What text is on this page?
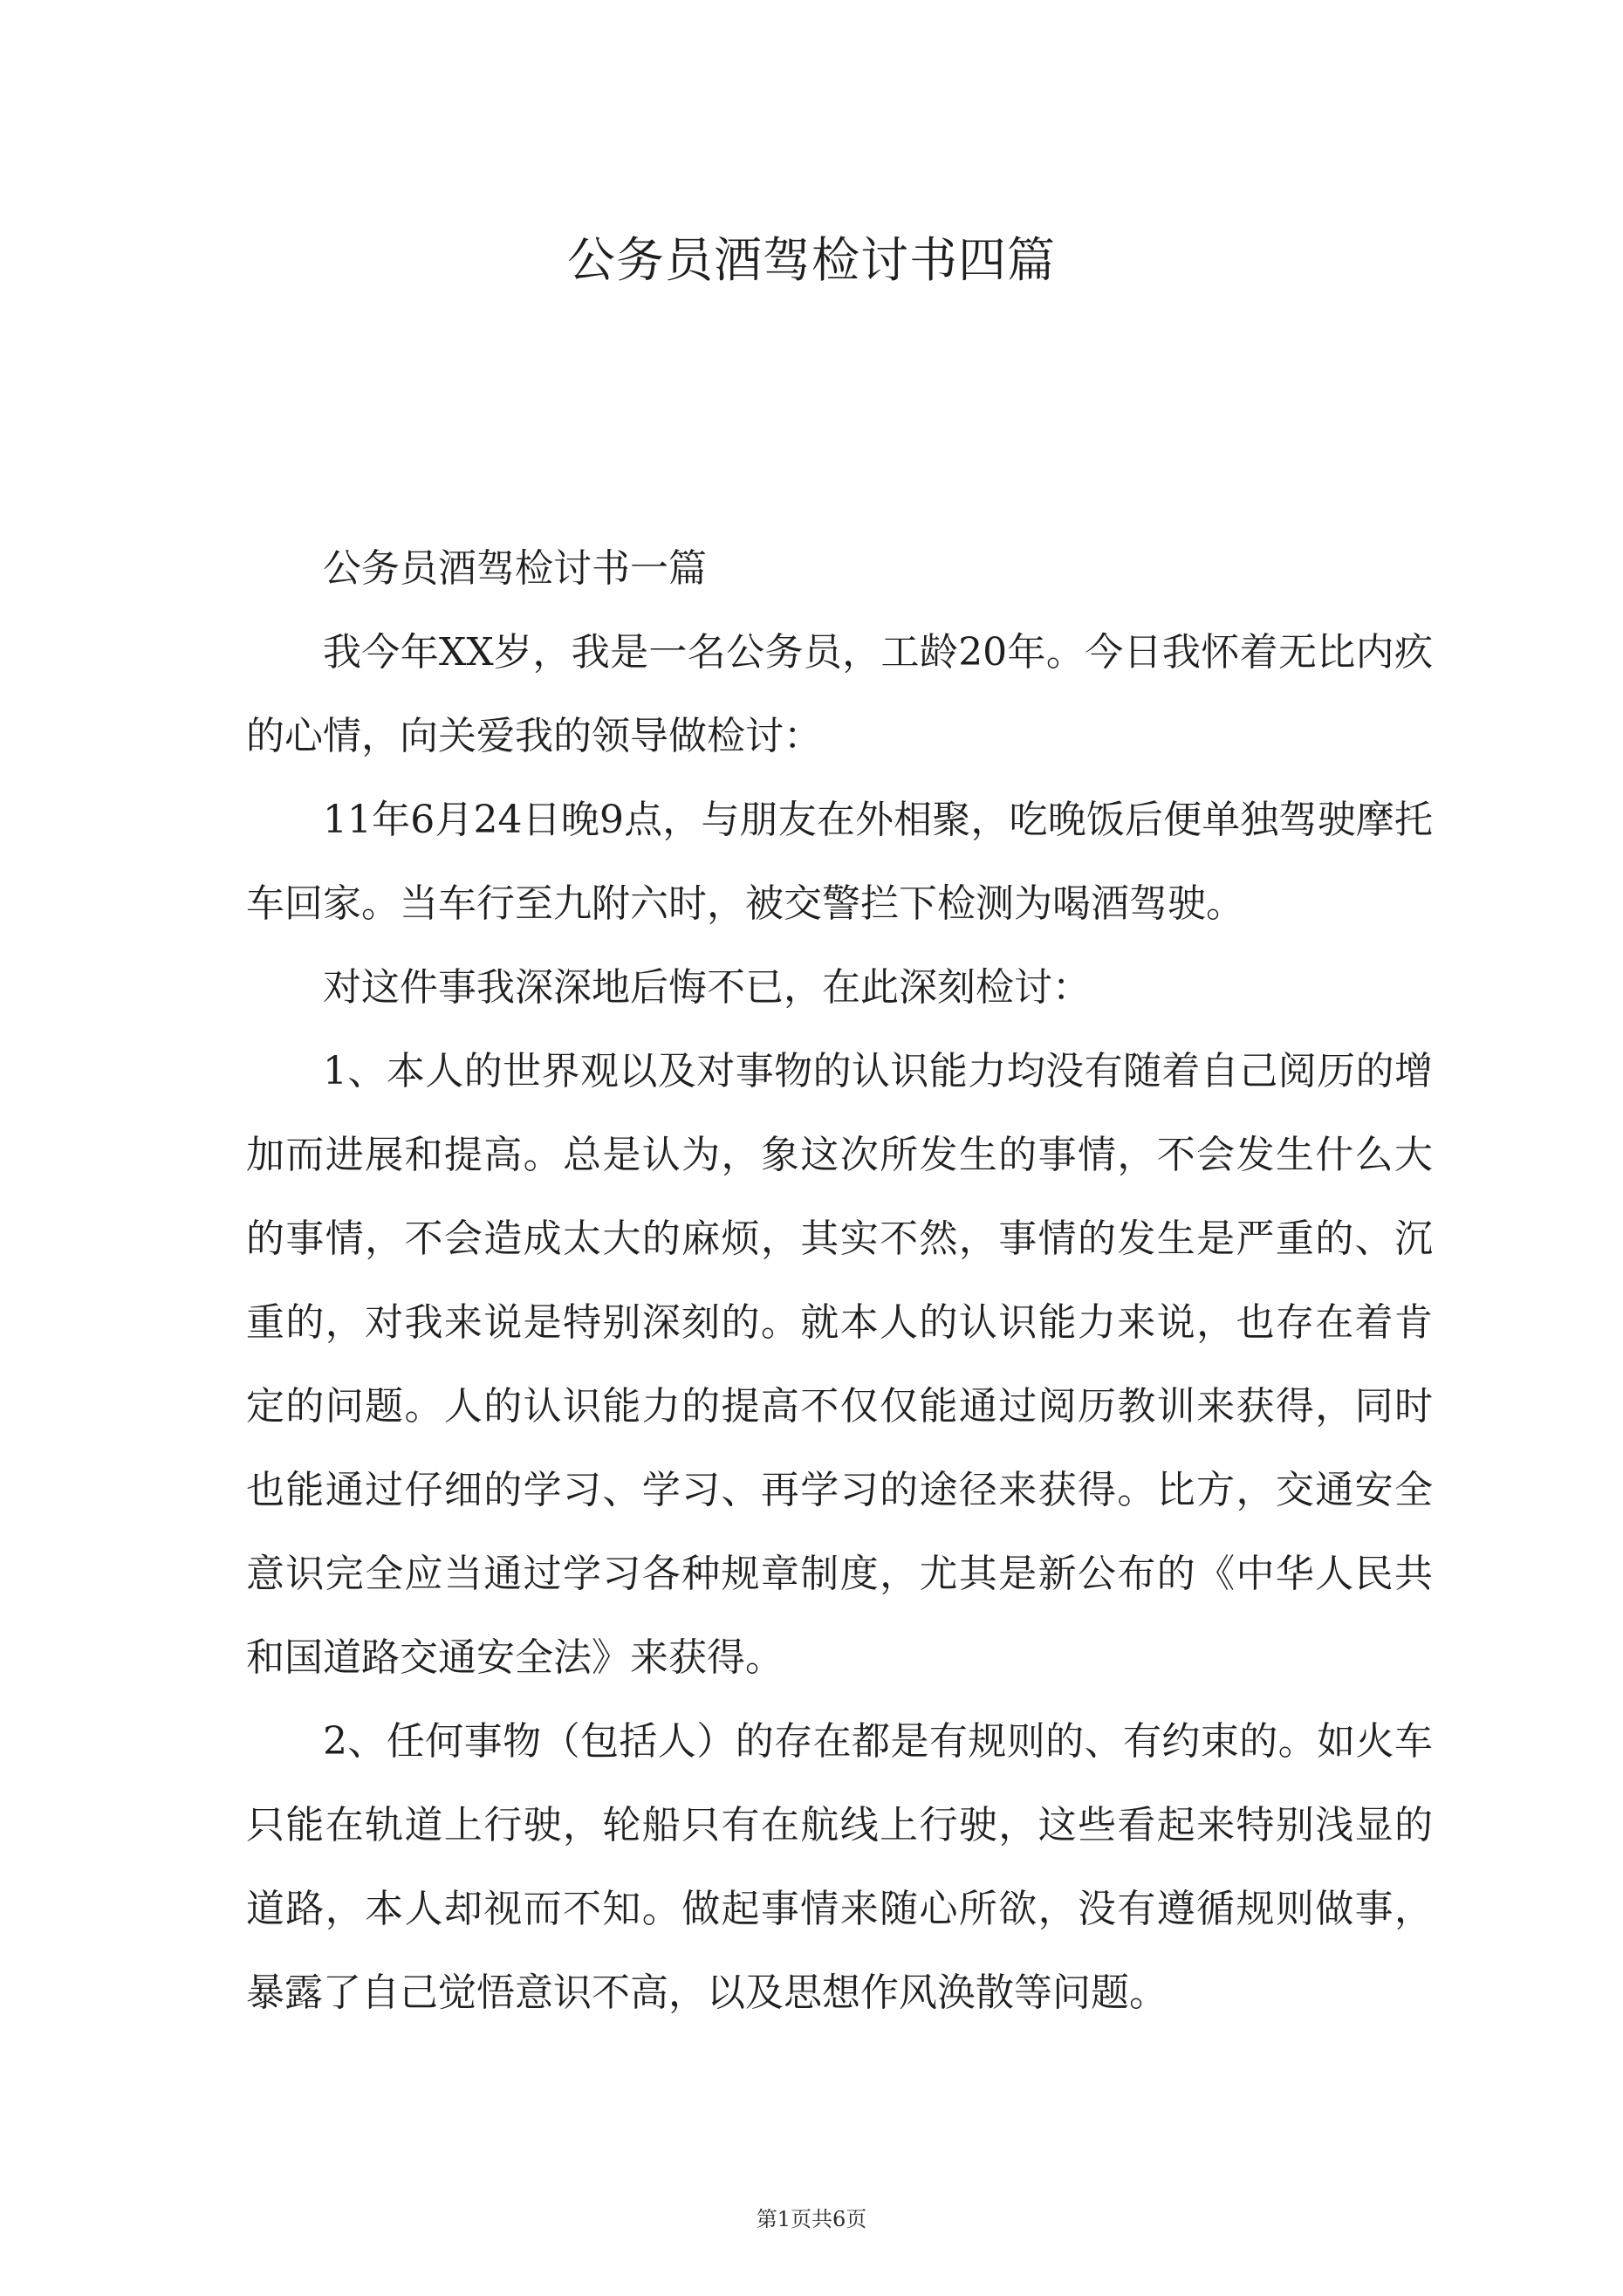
公务员酒驾检讨书四篇

公务员酒驾检讨书一篇

我今年XX岁，我是一名公务员，工龄20年。今日我怀着无比内疚的心情，向关爱我的领导做检讨：

11年6月24日晚9点，与朋友在外相聚，吃晚饭后便单独驾驶摩托车回家。当车行至九附六时，被交警拦下检测为喝酒驾驶。

对这件事我深深地后悔不已，在此深刻检讨：

1、本人的世界观以及对事物的认识能力均没有随着自己阅历的增加而进展和提高。总是认为，象这次所发生的事情，不会发生什么大的事情，不会造成太大的麻烦，其实不然，事情的发生是严重的、沉重的，对我来说是特别深刻的。就本人的认识能力来说，也存在着肯定的问题。人的认识能力的提高不仅仅能通过阅历教训来获得，同时也能通过仔细的学习、学习、再学习的途径来获得。比方，交通安全意识完全应当通过学习各种规章制度，尤其是新公布的《中华人民共和国道路交通安全法》来获得。

2、任何事物（包括人）的存在都是有规则的、有约束的。如火车只能在轨道上行驶，轮船只有在航线上行驶，这些看起来特别浅显的道路，本人却视而不知。做起事情来随心所欲，没有遵循规则做事，暴露了自己觉悟意识不高，以及思想作风涣散等问题。

第1页共6页
